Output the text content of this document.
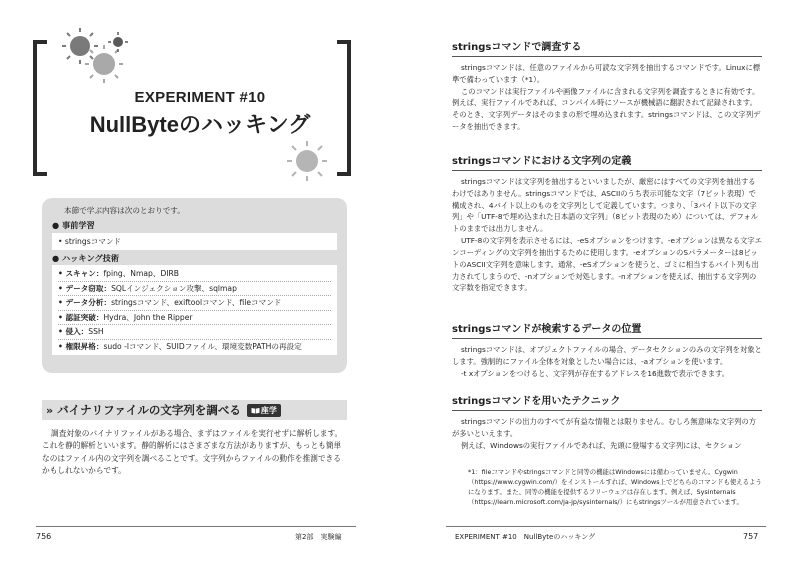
EXPERIMENT #10
NullByteのハッキング
本節で学ぶ内容は次のとおりです。
● 事前学習
• stringsコマンド
● ハッキング技術
• スキャン：fping、Nmap、DIRB
• データ窃取：SQLインジェクション攻撃、sqlmap
• データ分析：stringsコマンド、exiftoolコマンド、fileコマンド
• 認証突破：Hydra、John the Ripper
• 侵入：SSH
• 権限昇格：sudo -lコマンド、SUIDファイル、環境変数PATHの再設定
» バイナリファイルの文字列を調べる	座学

調査対象のバイナリファイルがある場合、まずはファイルを実行せずに解析します。これを静的解析といいます。静的解析にはさまざまな方法がありますが、もっとも簡単なのはファイル内の文字列を調べることです。文字列からファイルの動作を推測できるかもしれないからです。

756	第2部　実験編
stringsコマンドで調査する

stringsコマンドは、任意のファイルから可読な文字列を抽出するコマンドです。Linuxに標準で備わっています（*1）。

このコマンドは実行ファイルや画像ファイルに含まれる文字列を調査するときに有効です。例えば、実行ファイルであれば、コンパイル時にソースが機械語に翻訳されて記録されます。そのとき、文字列データはそのままの形で埋め込まれます。stringsコマンドは、この文字列データを抽出できます。

stringsコマンドにおける文字列の定義

stringsコマンドは文字列を抽出するといいましたが、厳密にはすべての文字列を抽出するわけではありません。stringsコマンドでは、ASCIIのうち表示可能な文字（7ビット表現）で構成され、4バイト以上のものを文字列として定義しています。つまり、「3バイト以下の文字列」や「UTF-8で埋め込まれた日本語の文字列」（8ビット表現のため）については、デフォルトのままでは出力しません。

UTF-8の文字列を表示させるには、-eSオプションをつけます。-eオプションは異なる文字エンコーディングの文字列を抽出するために使用します。-eオプションのSパラメーターは8ビットのASCII文字列を意味します。通常、-eSオプションを使うと、ゴミに相当するバイト列も出力されてしまうので、-nオプションで対処します。-nオプションを使えば、抽出する文字列の文字数を指定できます。

stringsコマンドが検索するデータの位置

stringsコマンドは、オブジェクトファイルの場合、データセクションのみの文字列を対象とします。強制的にファイル全体を対象としたい場合には、-aオプションを使います。

-t xオプションをつけると、文字列が存在するアドレスを16進数で表示できます。

stringsコマンドを用いたテクニック

stringsコマンドの出力のすべてが有益な情報とは限りません。むしろ無意味な文字列の方が多いといえます。

例えば、Windowsの実行ファイルであれば、先頭に登場する文字列には、セクション

*1：fileコマンドやstringsコマンドと同等の機能はWindowsには備わっていません。Cygwin（https://www.cygwin.com/）をインストールすれば、Windows上でどちらのコマンドも使えるようになります。また、同等の機能を提供するフリーウェアは存在します。例えば、Sysinternals（https://learn.microsoft.com/ja-jp/sysinternals/）にもstringsツールが用意されています。

EXPERIMENT #10　NullByteのハッキング	757
